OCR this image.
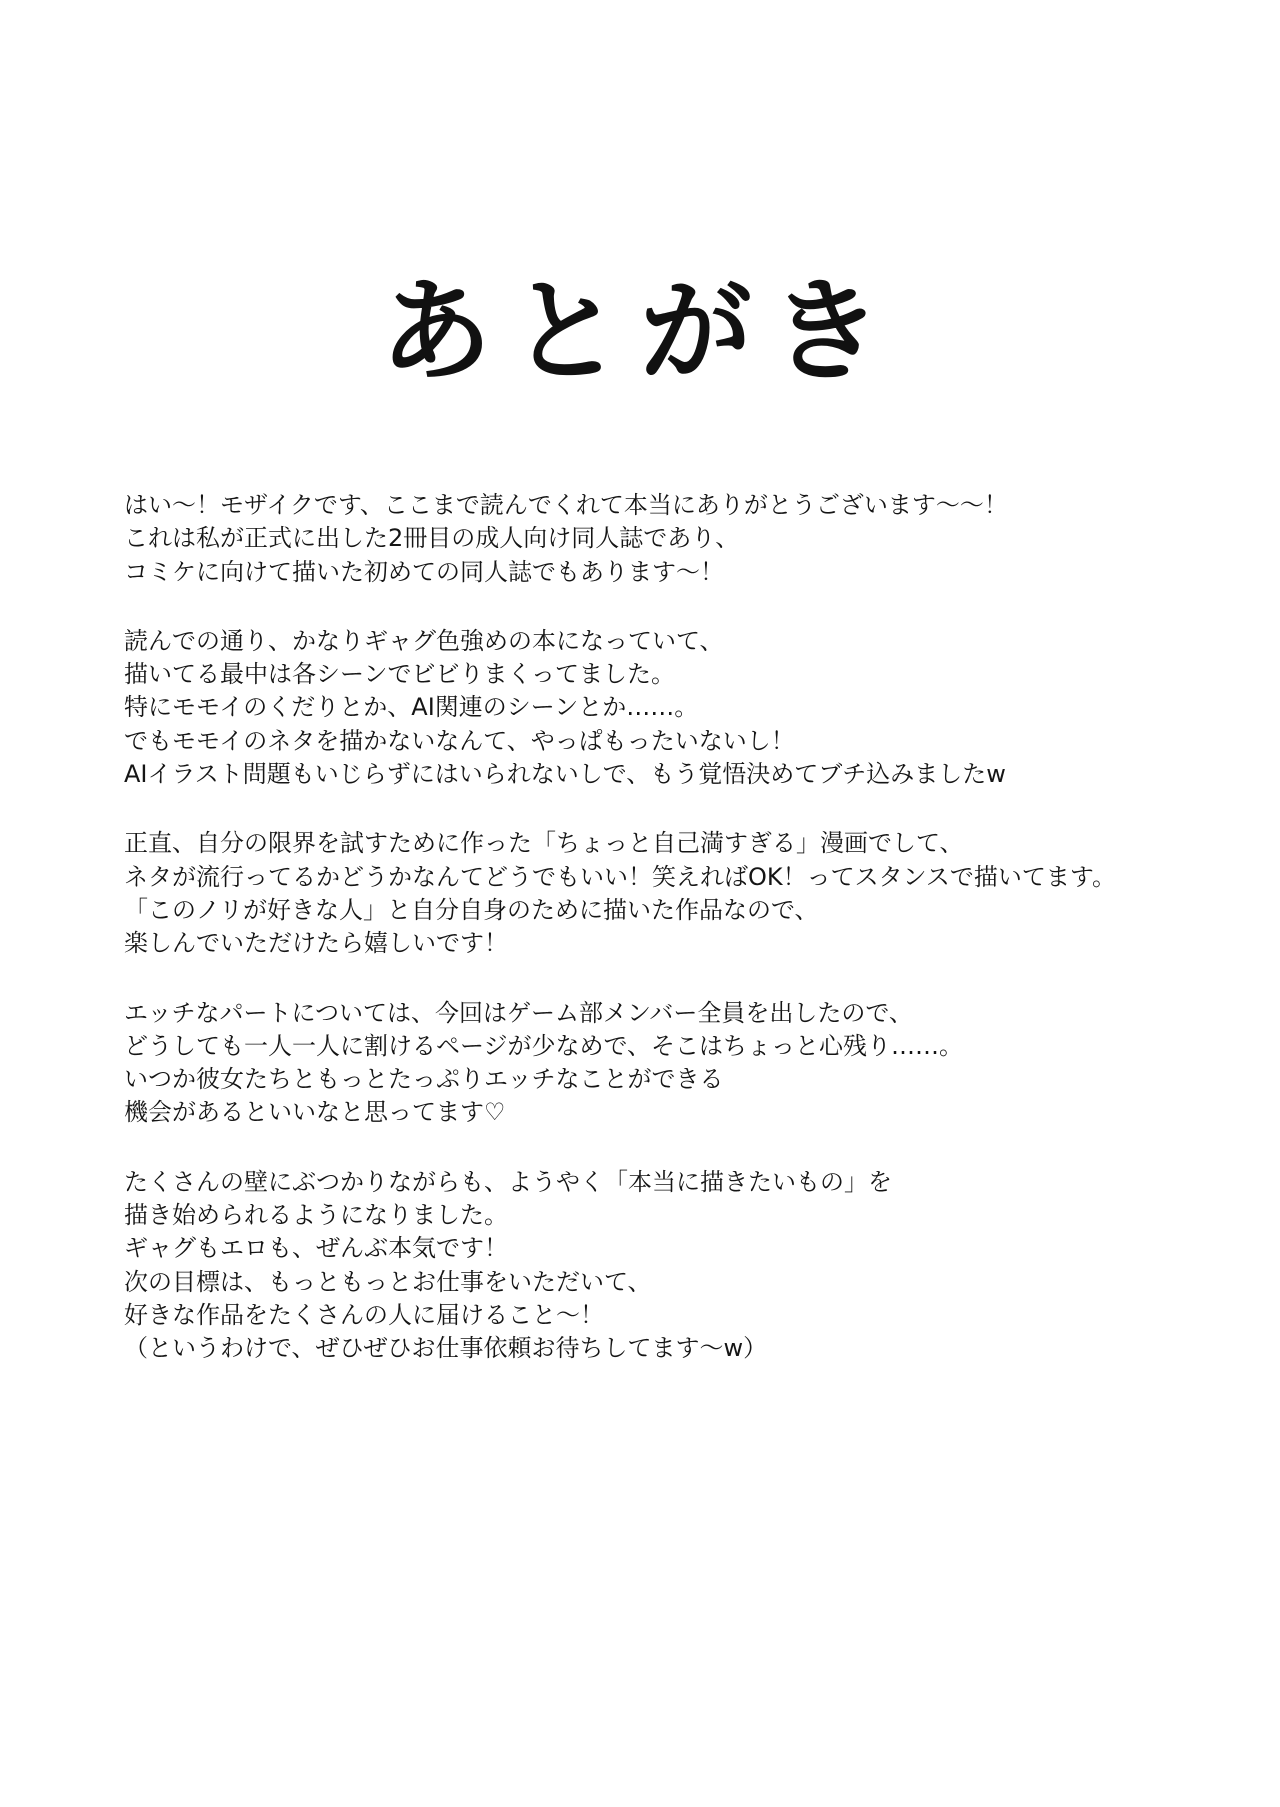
あとがき
はい〜！モザイクです、ここまで読んでくれて本当にありがとうございます〜〜！
これは私が正式に出した2冊目の成人向け同人誌であり、
コミケに向けて描いた初めての同人誌でもあります〜！
読んでの通り、かなりギャグ色強めの本になっていて、
描いてる最中は各シーンでビビりまくってました。
特にモモイのくだりとか、AI関連のシーンとか……。
でもモモイのネタを描かないなんて、やっぱもったいないし！
AIイラスト問題もいじらずにはいられないしで、もう覚悟決めてブチ込みましたw
正直、自分の限界を試すために作った「ちょっと自己満すぎる」漫画でして、
ネタが流行ってるかどうかなんてどうでもいい！笑えればOK！ってスタンスで描いてます。
「このノリが好きな人」と自分自身のために描いた作品なので、
楽しんでいただけたら嬉しいです！
エッチなパートについては、今回はゲーム部メンバー全員を出したので、
どうしても一人一人に割けるページが少なめで、そこはちょっと心残り……。
いつか彼女たちともっとたっぷりエッチなことができる
機会があるといいなと思ってます♡
たくさんの壁にぶつかりながらも、ようやく「本当に描きたいもの」を
描き始められるようになりました。
ギャグもエロも、ぜんぶ本気です！
次の目標は、もっともっとお仕事をいただいて、
好きな作品をたくさんの人に届けること〜！
（というわけで、ぜひぜひお仕事依頼お待ちしてます〜w）
